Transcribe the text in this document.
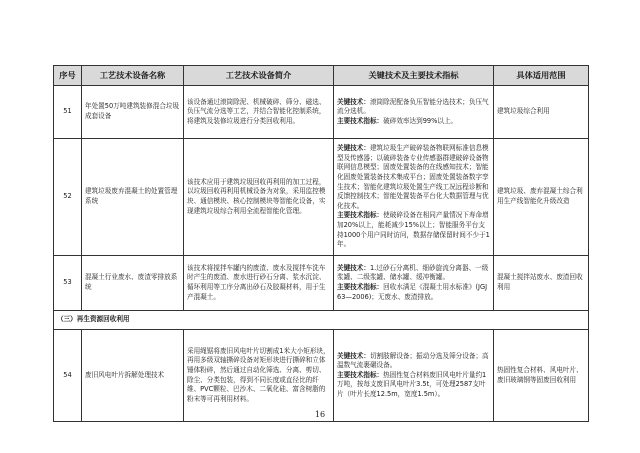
序号	工艺技术设备名称	工艺技术设备简介	关键技术及主要技术指标	具体适用范围
51	年处置50万吨建筑装修混合垃圾成套设备	该设备通过滚筒除泥、机械破碎、筛分、磁选、负压气流分选等工艺，并结合智能化控制系统，将建筑及装修垃圾进行分类回收利用。	关键技术：滚筒除泥配备负压智能分选技术；负压气流分选机。
主要技术指标：破碎效率达到99%以上。	建筑垃圾综合利用
52	建筑垃圾废弃混凝土的处置管理系统	该技术应用于建筑垃圾回收再利用的加工过程，以垃圾回收再利用机械设备为对象，采用监控模块、通信模块、核心控制模块等智能化设备，实现建筑垃圾综合利用全流程智能化管理。	关键技术：建筑垃圾生产破碎装备物联网标准信息模型及传感器；以破碎装备专业传感器群建破碎设备物联网信息模型；固废处置装备的在线感知技术；智能化固废处置装备技术集成平台；固废处置装备数字孪生技术；智能化建筑垃圾处置生产线工况远程诊断和反馈控制技术；智能处置装备平台化大数据管理与优化技术。
主要技术指标：使破碎设备在相同产量情况下寿命增加20%以上，能耗减少15%以上；智能服务平台支持1000个用户同时访问，数据存储保留时间不少于1年。	建筑垃圾、废弃混凝土综合利用生产线智能化升级改造
53	混凝土行业废水、废渣零排放系统	该技术将搅拌车罐内的废渣、废水及搅拌车洗车时产生的废渣、废水进行砂石分离、浆水沉淀、循环利用等工序分离出砂石及胶凝材料，用于生产混凝土。	关键技术：1.过砂石分离机、细砂旋流分离器、一级浆罐、二级浆罐、储水罐、缓冲衡罐。
主要技术指标：回收水满足《混凝土用水标准》(JGJ 63—2006)；无废水、废渣排放。	混凝土搅拌站废水、废渣回收利用
（三）再生资源回收利用				
54	废旧风电叶片拆解处理技术	采用绳锯将废旧风电叶片切割成1米大小矩形块，再用多级双轴撕碎设备对矩形块进行撕碎和立体锤体粉碎，然后通过自动化筛选、分离、剪切、除尘、分类包装，得到不同长度或直径比的纤维、PVC颗粒、巴沙木、二氧化硅、富含树脂的粉末等可再利用材料。	关键技术：切割肢解设备；振动分选及筛分设备；高温数气流裹碾设备。
主要技术指标：热固性复合材料废旧风电叶片量约1万吨，按每支废旧风电叶片3.5t，可处理2587支叶片（叶片长度12.5m，宽度1.5m）。	热固性复合材料、风电叶片、废旧玻璃钢等固废回收利用
16
